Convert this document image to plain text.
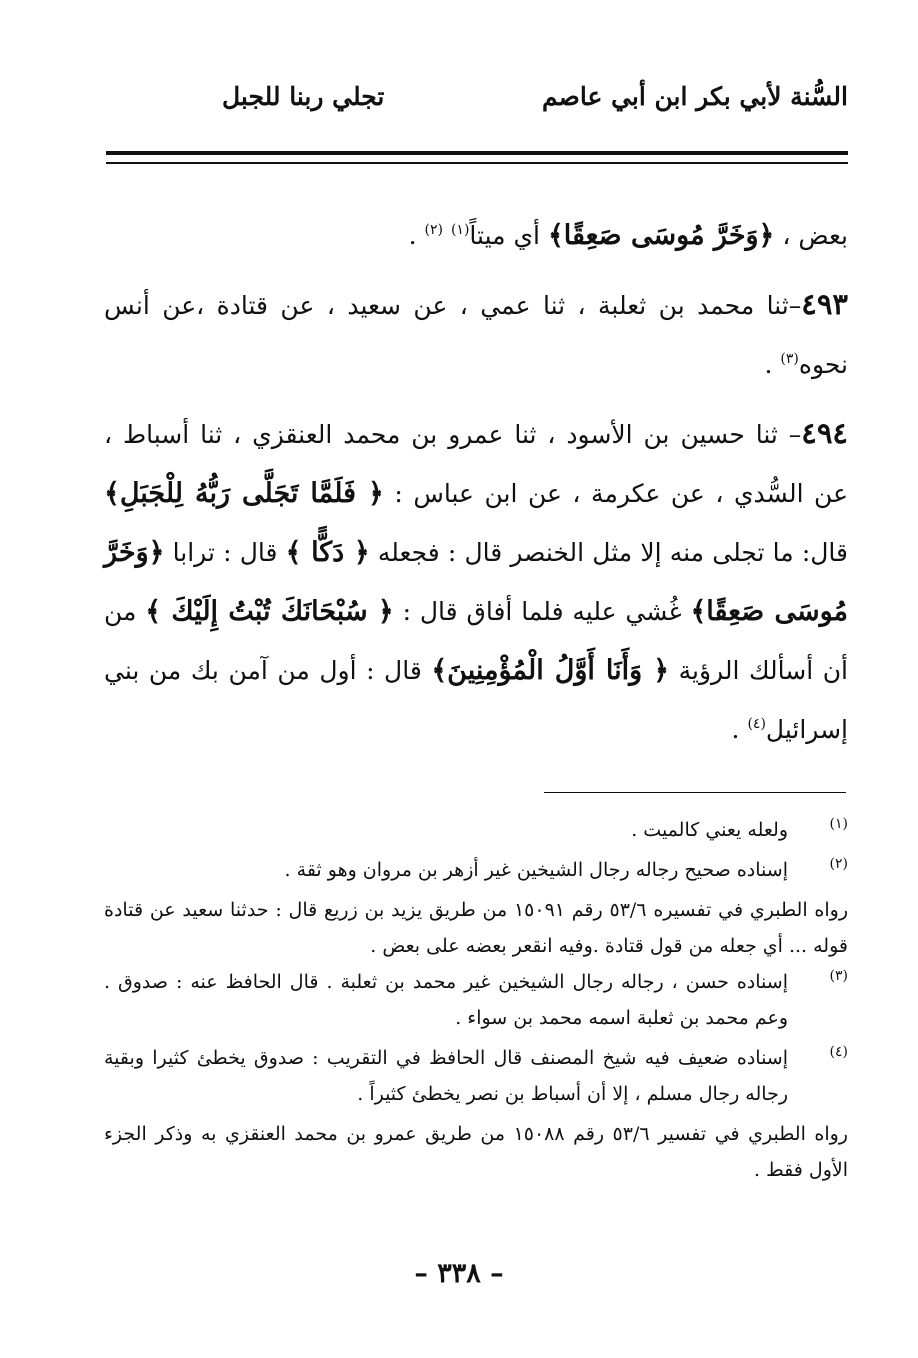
السُّنة لأبي بكر ابن أبي عاصم
تجلي ربنا للجبل

بعض ، ﴿وَخَرَّ مُوسَى صَعِقًا﴾ أي ميتاً$^{(١)}$ $^{(٢)}$ .

٤٩٣–ثنا محمد بن ثعلبة ، ثنا عمي ، عن سعيد ، عن قتادة ،عن أنس نحوه$^{(٣)}$ .

٤٩٤– ثنا حسين بن الأسود ، ثنا عمرو بن محمد العنقزي ، ثنا أسباط ، عن السُّدي ، عن عكرمة ، عن ابن عباس : ﴿ فَلَمَّا تَجَلَّى رَبُّهُ لِلْجَبَلِ﴾ قال: ما تجلى منه إلا مثل الخنصر قال : فجعله ﴿ دَكًّا ﴾ قال : ترابا ﴿وَخَرَّ مُوسَى صَعِقًا﴾ غُشي عليه فلما أفاق قال : ﴿ سُبْحَانَكَ تُبْتُ إِلَيْكَ ﴾ من أن أسألك الرؤية ﴿ وَأَنَا أَوَّلُ الْمُؤْمِنِينَ﴾ قال : أول من آمن بك من بني إسرائيل$^{(٤)}$ .

(١)
ولعله يعني كالميت .
(٢)
إسناده صحيح رجاله رجال الشيخين غير أزهر بن مروان وهو ثقة .
رواه الطبري في تفسيره ٥٣/٦ رقم ١٥٠٩١ من طريق يزيد بن زريع قال : حدثنا سعيد عن قتادة قوله ... أي جعله من قول قتادة .وفيه انقعر بعضه على بعض .
(٣)
إسناده حسن ، رجاله رجال الشيخين غير محمد بن ثعلبة . قال الحافظ عنه : صدوق . وعم محمد بن ثعلبة اسمه محمد بن سواء .
(٤)
إسناده ضعيف فيه شيخ المصنف قال الحافظ في التقريب : صدوق يخطئ كثيرا وبقية رجاله رجال مسلم ، إلا أن أسباط بن نصر يخطئ كثيراً .
رواه الطبري في تفسير ٥٣/٦ رقم ١٥٠٨٨ من طريق عمرو بن محمد العنقزي به وذكر الجزء الأول فقط .
– ٣٣٨ –
